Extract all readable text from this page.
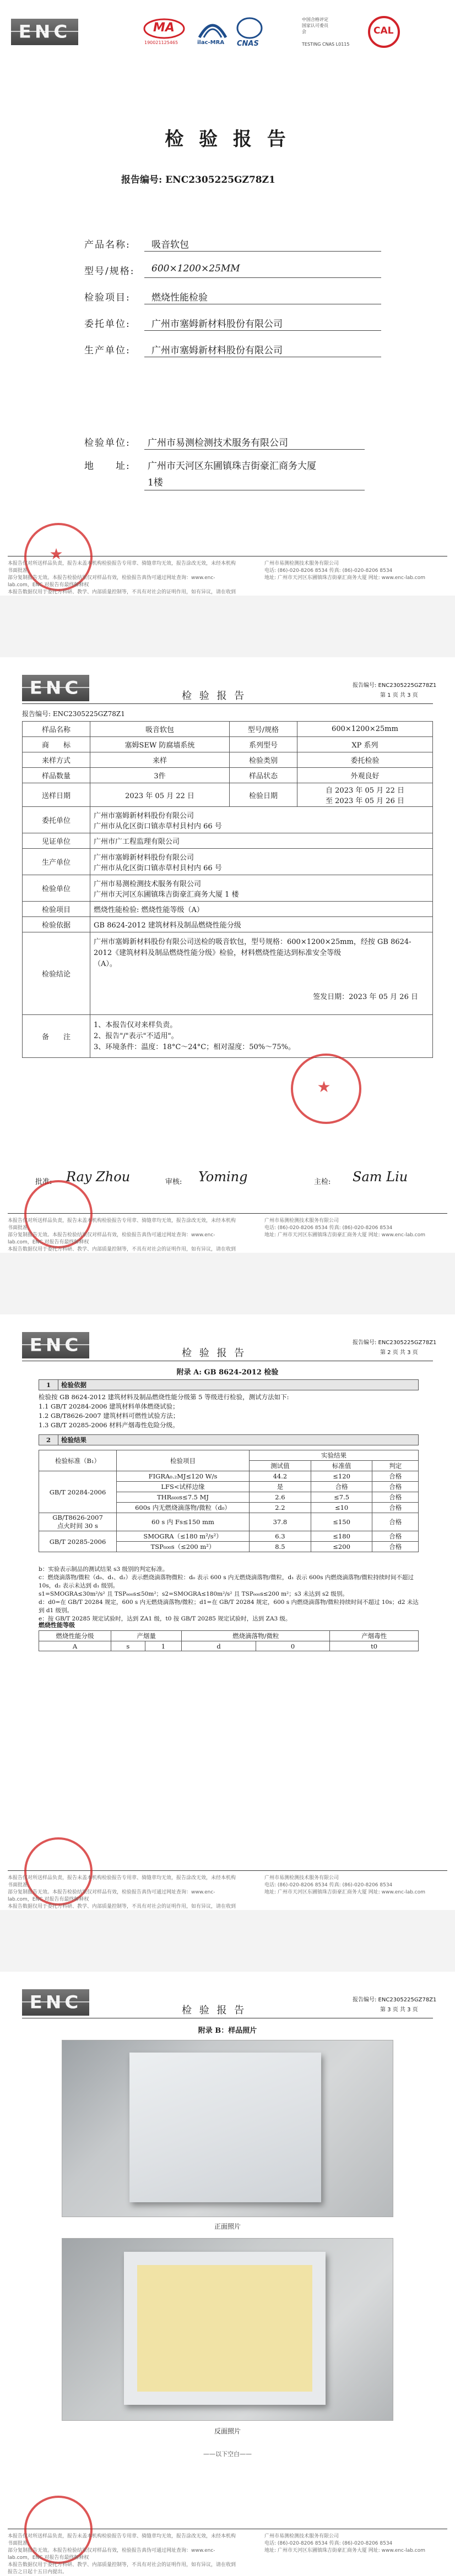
ENC	MA
190021125465	ilac-MRA CNAS
中国合格评定国家认可委员会
TESTING CNAS L0115
CAL
检 验 报 告
报告编号: ENC2305225GZ78Z1
产品名称: 吸音软包
型号/规格: 600×1200×25MM
检验项目: 燃烧性能检验
委托单位: 广州市塞姆新材料股份有限公司
生产单位: 广州市塞姆新材料股份有限公司
检验单位: 广州市易测检测技术服务有限公司
地　　址: 广州市天河区东圃镇珠吉街豪汇商务大厦
1楼
★
本报告仅对所送样品负责，报告未盖本机构检验报告专用章、骑缝章均无效，报告涂改无效，未经本机构书面批准，
部分复制报告无效。本报告检验结果仅对样品有效，检验报告真伪可通过网址查询：www.enc-lab.com，ENC 对报告有最终解释权
本报告数据仅用于委托方科研、教学、内部质量控制等，不具有对社会的证明作用，如有异议，请在收到
广州市易测检测技术服务有限公司
电话: (86)-020-8206 8534 传真: (86)-020-8206 8534
地址: 广州市天河区东圃镇珠吉街豪汇商务大厦 网址: www.enc-lab.com
ENC	检 验 报 告
报告编号: ENC2305225GZ78Z1
第 1 页 共 3 页
报告编号: ENC2305225GZ78Z1
样品名称	吸音软包	型号/规格	600×1200×25mm
商　　标	塞姆SEW 防腐墙系统	系列型号	XP 系列
来样方式	来样	检验类别	委托检验
样品数量	3件	样品状态	外观良好
送样日期	2023 年 05 月 22 日	检验日期	自 2023 年 05 月 22 日
至 2023 年 05 月 26 日
委托单位	广州市塞姆新材料股份有限公司
广州市从化区街口镇赤草村貝村内 66 号		

见证单位	广州市广工程监理有限公司		
生产单位	广州市塞姆新材料股份有限公司
广州市从化区街口镇赤草村貝村内 66 号		

检验单位	广州市易测检测技术服务有限公司
广州市天河区东圃镇珠吉街豪汇商务大厦 1 楼		

检验项目	燃烧性能检验: 燃烧性能等级（A）		
检验依据	GB 8624-2012 建筑材料及制品燃烧性能分级		
检验结论	广州市塞姆新材料股份有限公司送检的吸音软包，型号规格：600×1200×25mm，经按 GB 8624-
2012《建筑材料及制品燃烧性能分级》检验，材料燃烧性能达到标准安全等级
（A）。
签发日期：2023 年 05 月 26 日		

备　　注	1、本报告仅对来样负责。
2、报告"/"表示"不适用"。
3、环境条件：温度：18°C～24°C；相对湿度：50%～75%。		
★
批准: Ray Zhou	审核: Yoming	主检: Sam Liu
本报告仅对所送样品负责，报告未盖本机构检验报告专用章、骑缝章均无效，报告涂改无效，未经本机构书面批准，
部分复制报告无效。本报告检验结果仅对样品有效，检验报告真伪可通过网址查询：www.enc-lab.com，ENC 对报告有最终解释权
本报告数据仅用于委托方科研、教学、内部质量控制等，不具有对社会的证明作用，如有异议，请在收到
广州市易测检测技术服务有限公司
电话: (86)-020-8206 8534 传真: (86)-020-8206 8534
地址: 广州市天河区东圃镇珠吉街豪汇商务大厦 网址: www.enc-lab.com
ENC	检 验 报 告
报告编号: ENC2305225GZ78Z1
第 2 页 共 3 页
附录 A: GB 8624-2012 检验
1	检验依据
检验按 GB 8624-2012 建筑材料及制品燃烧性能分级第 5 等级进行检验，测试方法如下:
1.1 GB/T 20284-2006 建筑材料单体燃烧试验；
1.2 GB/T8626-2007 建筑材料可燃性试验方法；
1.3 GB/T 20285-2006 材料产烟毒性危险分级。
2	检验结果
检验标准（B₁）	检验项目	实验结果		
		测试值	标准值	判定
GB/T 20284-2006	FIGRA₀.₂MJ≤120 W/s	44.2	≤120	合格
	LFS<试样边缘	是	合格	合格
	THR₆₀₀s≤7.5 MJ	2.6	≤7.5	合格
	600s 内无燃烧滴落物/微粒（d₀）	2.2	≤10	合格
GB/T8626-2007
点火时间 30 s	60 s 内 Fs≤150 mm	37.8	≤150	合格
GB/T 20285-2006	SMOGRA（≤180 m²/s²）	6.3	≤180	合格
	TSP₆₀₀s（≤200 m²）	8.5	≤200	合格
b：实验表示制品的测试结果 s3 级别的判定标准。
c：燃烧滴落物/微粒（d₀、d₁、d₂）表示燃烧滴落物微粒：d₀ 表示 600 s 内无燃烧滴落物/微粒，d₁ 表示 600s 内燃烧滴落物/微粒持续时间不超过 10s，d₂ 表示未达到 d₁ 级别。
s1=SMOGRA≤30m²/s² 且 TSP₆₀₀s≤50m²；s2=SMOGRA≤180m²/s² 且 TSP₆₀₀s≤200 m²；s3 未达到 s2 级别。
d：d0=在 GB/T 20284 规定，600 s 内无燃烧滴落物/微粒；d1=在 GB/T 20284 规定，600 s 内燃烧滴落物/微粒持续时间不超过 10s；d2 未达到 d1 级别。
e：按 GB/T 20285 规定试验时，达到 ZA1 级，t0 按 GB/T 20285 规定试验时，达到 ZA3 级。
燃烧性能等级
燃烧性能分级	产烟量		燃烧滴落物/微粒		产烟毒性
A	s	1	d	0	t0
本报告仅对所送样品负责，报告未盖本机构检验报告专用章、骑缝章均无效，报告涂改无效，未经本机构书面批准，
部分复制报告无效。本报告检验结果仅对样品有效，检验报告真伪可通过网址查询：www.enc-lab.com，ENC 对报告有最终解释权
本报告数据仅用于委托方科研、教学、内部质量控制等，不具有对社会的证明作用，如有异议，请在收到
广州市易测检测技术服务有限公司
电话: (86)-020-8206 8534 传真: (86)-020-8206 8534
地址: 广州市天河区东圃镇珠吉街豪汇商务大厦 网址: www.enc-lab.com
ENC	检 验 报 告
报告编号: ENC2305225GZ78Z1
第 3 页 共 3 页
附录 B：样品照片
正面照片
反面照片
——以下空白——
本报告仅对所送样品负责，报告未盖本机构检验报告专用章、骑缝章均无效，报告涂改无效，未经本机构书面批准，
部分复制报告无效。本报告检验结果仅对样品有效，检验报告真伪可通过网址查询：www.enc-lab.com，ENC 对报告有最终解释权
本报告数据仅用于委托方科研、教学、内部质量控制等，不具有对社会的证明作用，如有异议，请在收到报告之日起十五日内提出。
广州市易测检测技术服务有限公司
电话: (86)-020-8206 8534 传真: (86)-020-8206 8534
地址: 广州市天河区东圃镇珠吉街豪汇商务大厦 网址: www.enc-lab.com
